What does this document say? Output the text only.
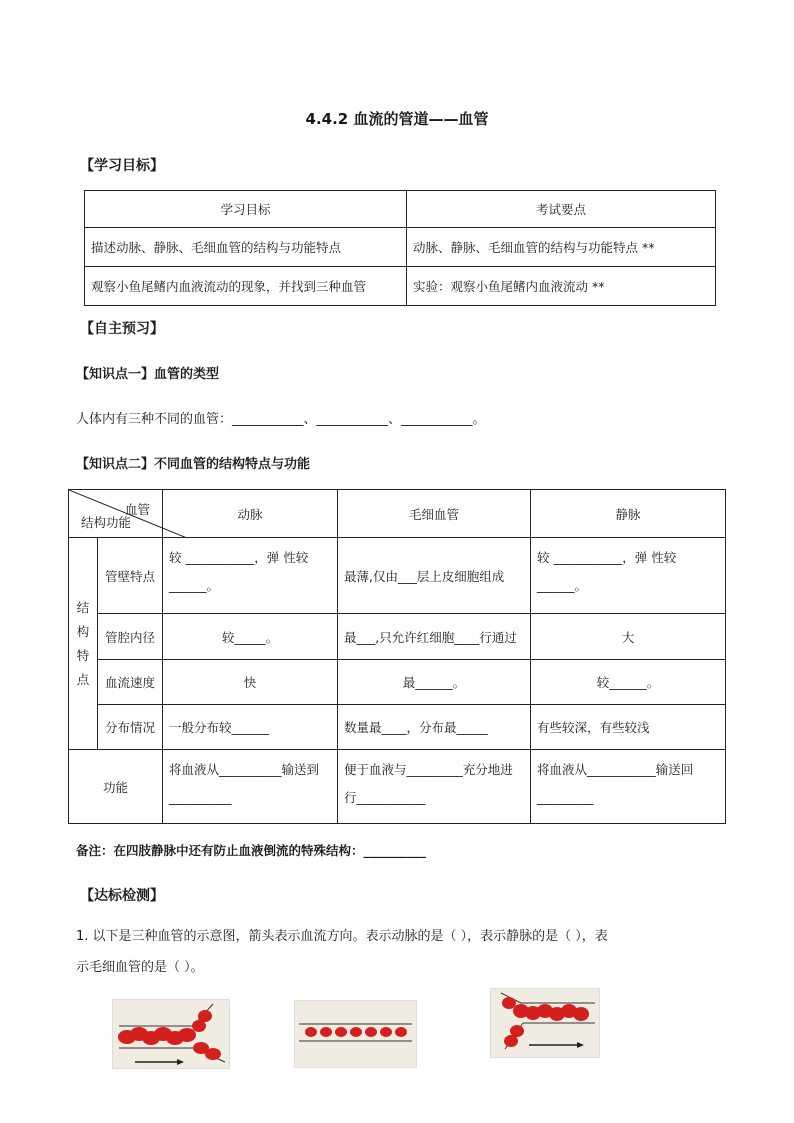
4.4.2 血流的管道——血管
【学习目标】
学习目标	考试要点
描述动脉、静脉、毛细血管的结构与功能特点	动脉、静脉、毛细血管的结构与功能特点 **
观察小鱼尾鳍内血液流动的现象，并找到三种血管	实验：观察小鱼尾鳍内血液流动 **
【自主预习】
【知识点一】血管的类型
人体内有三种不同的血管：___________、___________、___________。
【知识点二】不同血管的结构特点与功能
血管
结构功能		动脉	毛细血管	静脉

结
构
特
点	管壁特点	较 ___________，弹 性较______。	最薄,仅由___层上皮细胞组成	较 ___________，弹 性较______。
	管腔内径	较_____。	最___,只允许红细胞____行通过	大
	血流速度	快	最______。	较______。
	分布情况	一般分布较______	数量最____，分布最_____	有些较深，有些较浅
功能		将血液从__________输送到__________	便于血液与_________充分地进行___________	将血液从___________输送回_________
备注：在四肢静脉中还有防止血液倒流的特殊结构：__________
【达标检测】
1. 以下是三种血管的示意图，箭头表示血流方向。表示动脉的是（ ），表示静脉的是（ ），表
示毛细血管的是（ ）。
